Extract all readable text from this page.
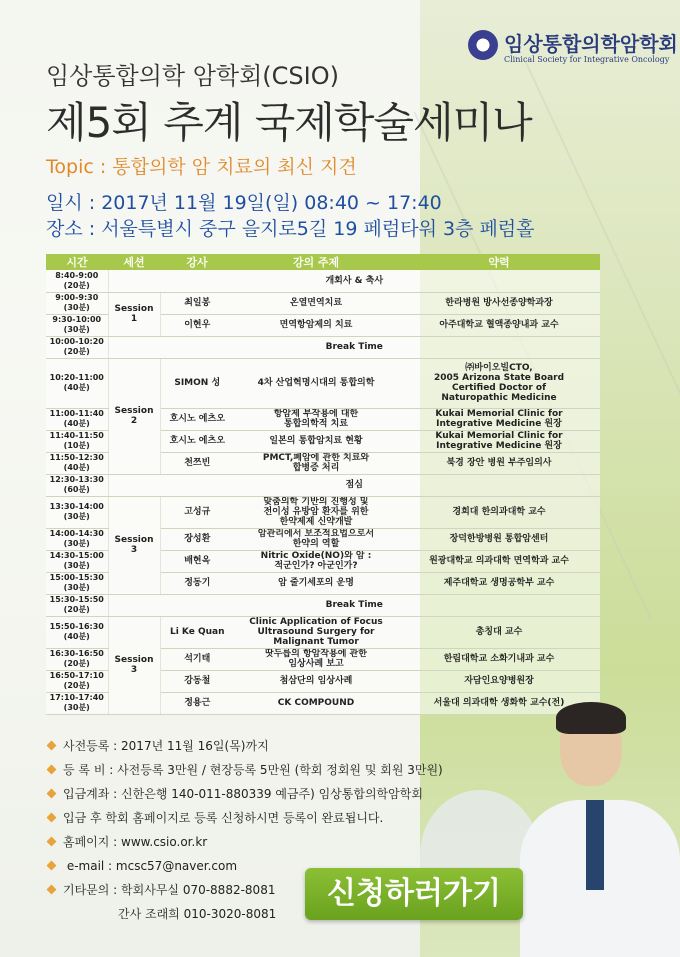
임상통합의학암학회
Clinical Society for Integrative Oncology
임상통합의학 암학회(CSIO)
제5회 추계 국제학술세미나
Topic : 통합의학 암 치료의 최신 지견
일시 : 2017년 11월 19일(일) 08:40 ~ 17:40
장소 : 서울특별시 중구 을지로5길 19 페럼타워 3층 페럼홀
시간	세션	강사	강의 주제	약력
8:40-9:00
(20분)	개회사 & 축사			
9:00-9:30
(30분)	Session 1	최일봉	온열면역치료	한라병원 방사선종양학과장
9:30-10:00
(30분)		이현우	면역항암제의 치료	아주대학교 혈액종양내과 교수
10:00-10:20
(20분)	Break Time			
10:20-11:00
(40분)	Session 2	SIMON 성	4차 산업혁명시대의 통합의학	㈜바이오빌CTO,
2005 Arizona State Board
Certified Doctor of
Naturopathic Medicine
11:00-11:40
(40분)		호시노 에츠오	항암제 부작용에 대한
통합의학적 치료	Kukai Memorial Clinic for
Integrative Medicine 원장
11:40-11:50
(10분)		호시노 에츠오	일본의 통합암치료 현황	Kukai Memorial Clinic for
Integrative Medicine 원장
11:50-12:30
(40분)		천쯔빈	PMCT,폐암에 관한 치료와
합병증 처리	북경 장안 병원 부주임의사
12:30-13:30
(60분)	점심			
13:30-14:00
(30분)	Session 3	고성규	맞춤의학 기반의 진행성 및
전이성 유방암 환자를 위한
한약제제 신약개발	경희대 한의과대학 교수
14:00-14:30
(30분)		장성환	암관리에서 보조적요법으로서
한약의 역할	장덕한방병원 통합암센터
14:30-15:00
(30분)		배현옥	Nitric Oxide(NO)와 암 :
적군인가? 아군인가?	원광대학교 의과대학 면역학과 교수
15:00-15:30
(30분)		정동기	암 줄기세포의 운명	제주대학교 생명공학부 교수
15:30-15:50
(20분)	Break Time			
15:50-16:30
(40분)	Session 3	Li Ke Quan	Clinic Application of Focus
Ultrasound Surgery for
Malignant Tumor	총칭대 교수
16:30-16:50
(20분)		석기태	땃두릅의 항암작용에 관한
임상사례 보고	한림대학교 소화기내과 교수
16:50-17:10
(20분)		강동철	첨삼단의 임상사례	자담인요양병원장
17:10-17:40
(30분)		정용근	CK COMPOUND	서울대 의과대학 생화학 교수(전)
사전등록 : 2017년 11월 16일(목)까지
등 록 비 : 사전등록 3만원 / 현장등록 5만원 (학회 정회원 및 회원 3만원)
입금계좌 : 신한은행 140-011-880339 예금주) 임상통합의학암학회
입금 후 학회 홈페이지로 등록 신청하시면 등록이 완료됩니다.
홈페이지 : www.csio.or.kr
e-mail : mcsc57@naver.com
기타문의 : 학회사무실 070-8882-8081
간사 조래희 010-3020-8081
신청하러가기
